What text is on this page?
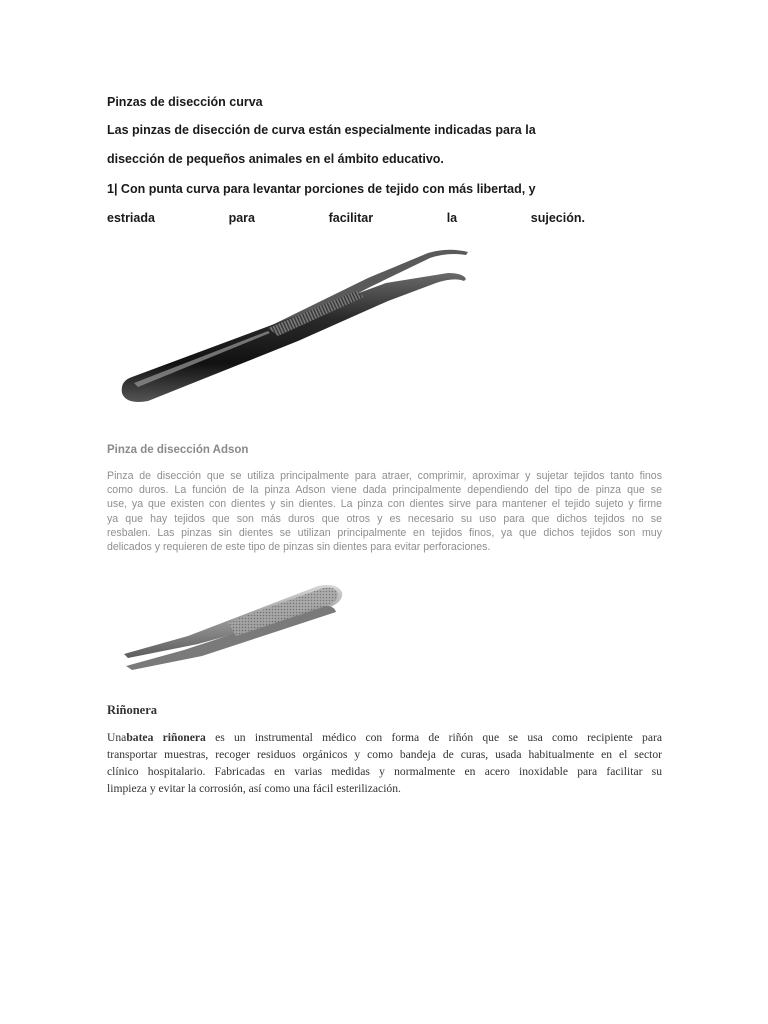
Pinzas de disección curva
Las pinzas de disección de curva están especialmente indicadas para la
disección de pequeños animales en el ámbito educativo.
1| Con punta curva para levantar porciones de tejido con más libertad, y
estriada	para	facilitar	la	sujeción.
Pinza de disección Adson
Pinza de disección que se utiliza principalmente para atraer, comprimir, aproximar y sujetar tejidos tanto finos
como duros. La función de la pinza Adson viene dada principalmente dependiendo del tipo de pinza que se
use, ya que existen con dientes y sin dientes. La pinza con dientes sirve para mantener el tejido sujeto y firme
ya que hay tejidos que son más duros que otros y es necesario su uso para que dichos tejidos no se
resbalen. Las pinzas sin dientes se utilizan principalmente en tejidos finos, ya que dichos tejidos son muy
delicados y requieren de este tipo de pinzas sin dientes para evitar perforaciones.
Riñonera
Unabatea riñonera es un instrumental médico con forma de riñón que se usa como recipiente para
transportar muestras, recoger residuos orgánicos y como bandeja de curas, usada habitualmente en el sector
clínico hospitalario. Fabricadas en varias medidas y normalmente en acero inoxidable para facilitar su
limpieza y evitar la corrosión, así como una fácil esterilización.
